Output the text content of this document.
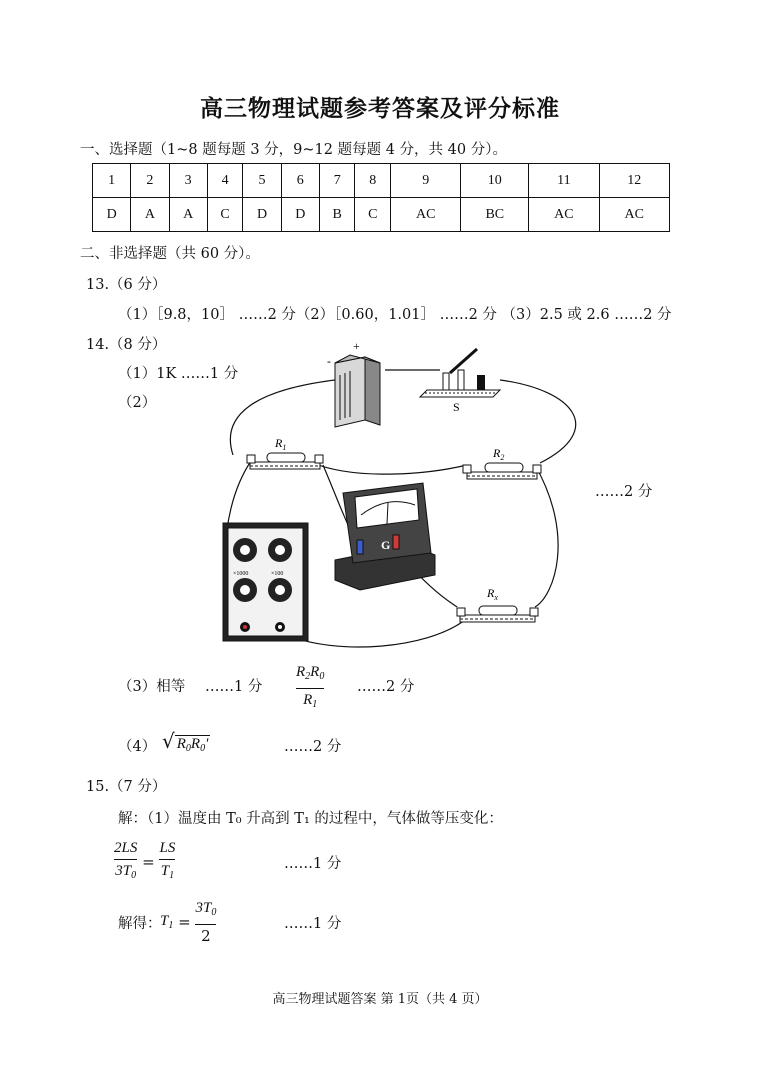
高三物理试题参考答案及评分标准
一、选择题（1~8 题每题 3 分，9~12 题每题 4 分，共 40 分）。
1	2	3	4	5	6	7	8	9	10	11	12
D	A	A	C	D	D	B	C	AC	BC	AC	AC
二、非选择题（共 60 分）。
13.（6 分）
（1）［9.8，10］ ……2 分（2）［0.60，1.01］ ……2 分 （3）2.5 或 2.6 ……2 分
14.（8 分）
（1）1K ……1 分
（2）
+
-
S
$R_1$	$R_2$
$R_x$
G
×1000	×100
……2 分
（3）相等 ……1 分 $\frac{R_2R_0}{R_1}$ ……2 分
（4） √ $R_0R_0'$	……2 分
15.（7 分）
解：（1）温度由 T₀ 升高到 T₁ 的过程中，气体做等压变化：
$\frac{2LS}{3T_0} = \frac{LS}{T_1}$	……1 分
解得：
$T_1 = \frac{3T_0}{2}$	……1 分
高三物理试题答案 第 1页（共 4 页）
